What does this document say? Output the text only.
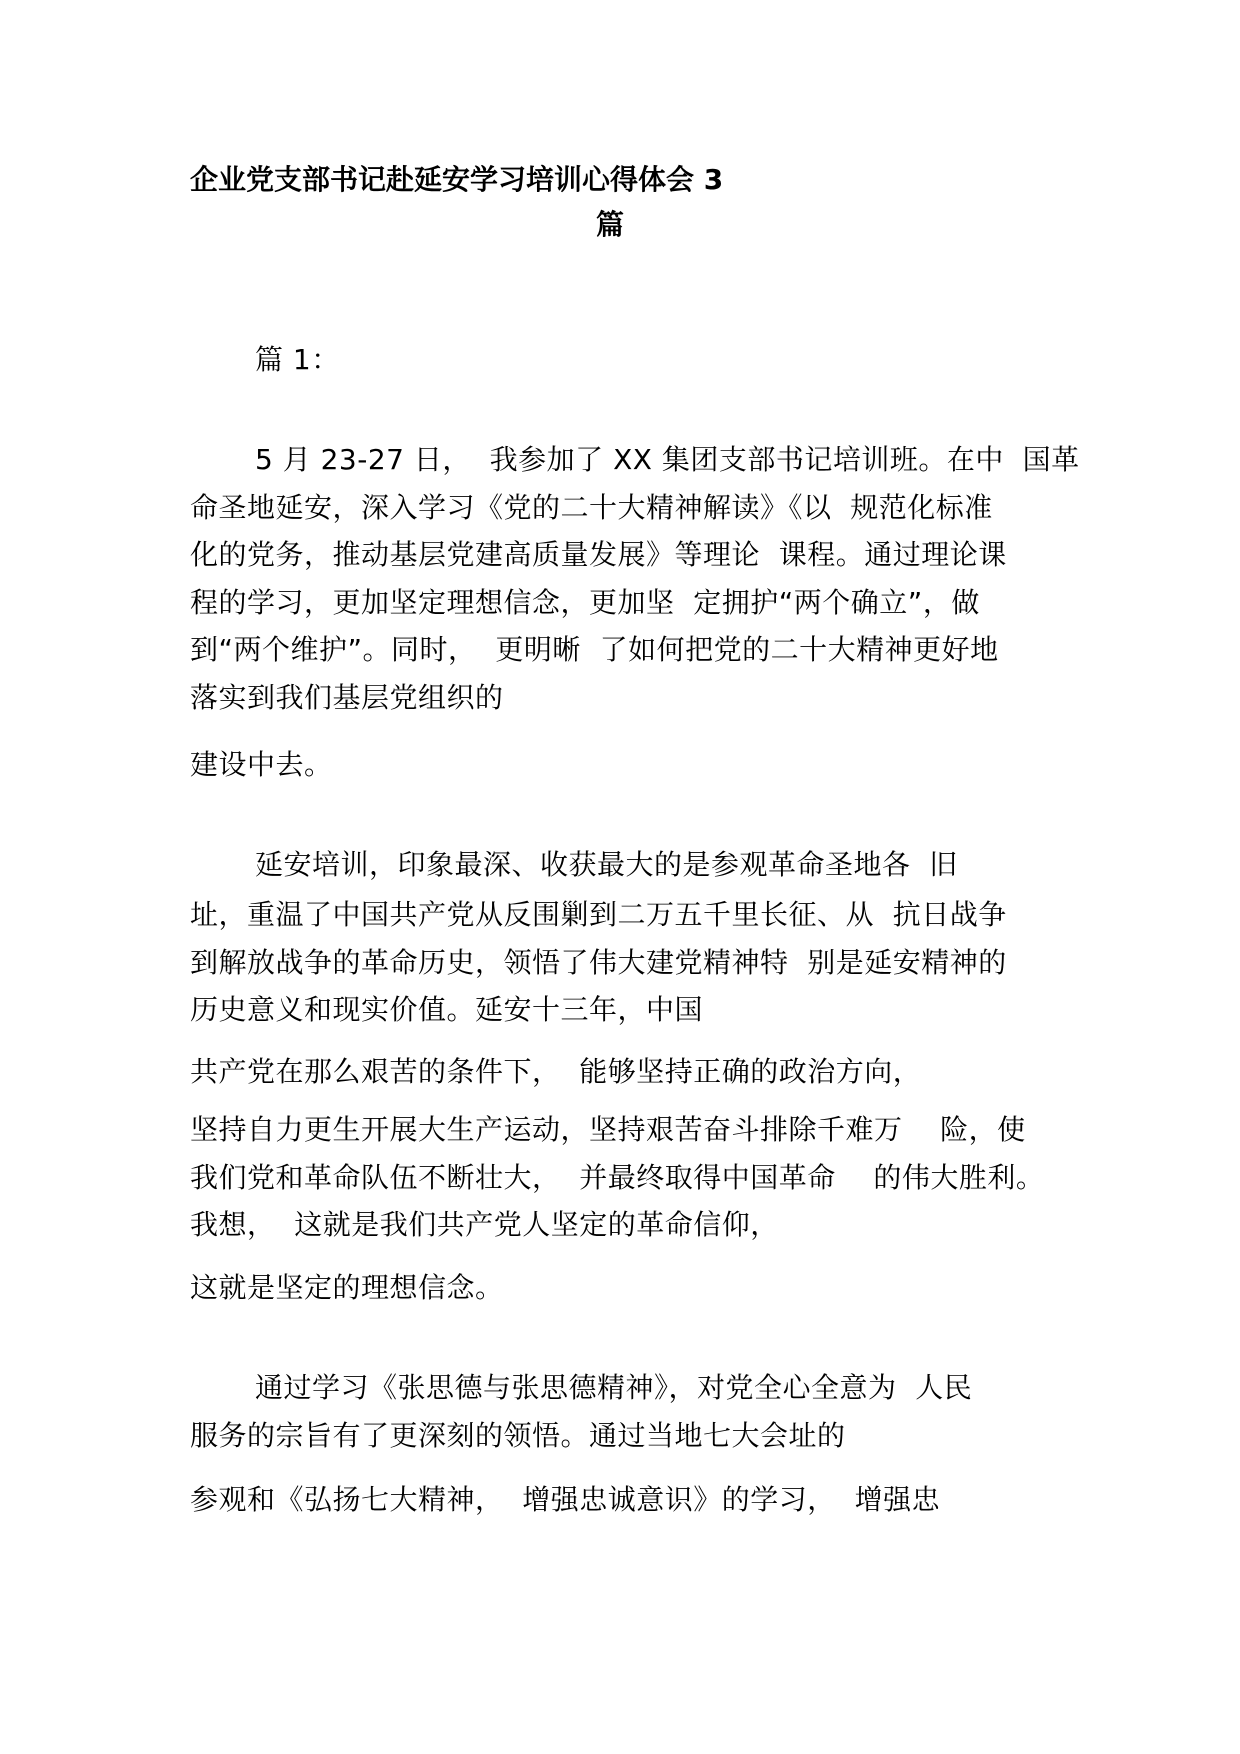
企业党支部书记赴延安学习培训心得体会 3
篇
篇 1：
5 月 23-27 日，  我参加了 XX 集团支部书记培训班。在中  国革
命圣地延安，深入学习《党的二十大精神解读》《以  规范化标准
化的党务，推动基层党建高质量发展》等理论  课程。通过理论课
程的学习，更加坚定理想信念，更加坚  定拥护“两个确立”，做
到“两个维护”。同时，  更明晰  了如何把党的二十大精神更好地
落实到我们基层党组织的
建设中去。
延安培训，印象最深、收获最大的是参观革命圣地各  旧
址，重温了中国共产党从反围剿到二万五千里长征、从  抗日战争
到解放战争的革命历史，领悟了伟大建党精神特  别是延安精神的
历史意义和现实价值。延安十三年，中国
共产党在那么艰苦的条件下，  能够坚持正确的政治方向，
坚持自力更生开展大生产运动，坚持艰苦奋斗排除千难万    险，使
我们党和革命队伍不断壮大，  并最终取得中国革命    的伟大胜利。
我想，  这就是我们共产党人坚定的革命信仰，
这就是坚定的理想信念。
通过学习《张思德与张思德精神》，对党全心全意为  人民
服务的宗旨有了更深刻的领悟。通过当地七大会址的
参观和《弘扬七大精神，  增强忠诚意识》的学习，  增强忠
